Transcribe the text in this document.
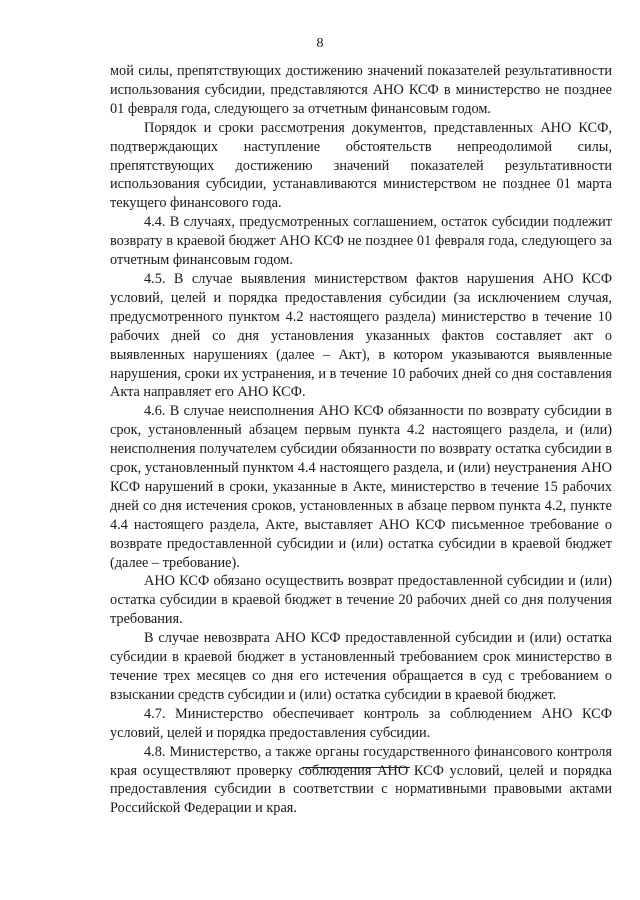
8

мой силы, препятствующих достижению значений показателей результативности использования субсидии, представляются АНО КСФ в министерство не позднее 01 февраля года, следующего за отчетным финансовым годом.

Порядок и сроки рассмотрения документов, представленных АНО КСФ, подтверждающих наступление обстоятельств непреодолимой силы, препятствующих достижению значений показателей результативности использования субсидии, устанавливаются министерством не позднее 01 марта текущего финансового года.

4.4. В случаях, предусмотренных соглашением, остаток субсидии подлежит возврату в краевой бюджет АНО КСФ не позднее 01 февраля года, следующего за отчетным финансовым годом.

4.5. В случае выявления министерством фактов нарушения АНО КСФ условий, целей и порядка предоставления субсидии (за исключением случая, предусмотренного пунктом 4.2 настоящего раздела) министерство в течение 10 рабочих дней со дня установления указанных фактов составляет акт о выявленных нарушениях (далее – Акт), в котором указываются выявленные нарушения, сроки их устранения, и в течение 10 рабочих дней со дня составления Акта направляет его АНО КСФ.

4.6. В случае неисполнения АНО КСФ обязанности по возврату субсидии в срок, установленный абзацем первым пункта 4.2 настоящего раздела, и (или) неисполнения получателем субсидии обязанности по возврату остатка субсидии в срок, установленный пунктом 4.4 настоящего раздела, и (или) неустранения АНО КСФ нарушений в сроки, указанные в Акте, министерство в течение 15 рабочих дней со дня истечения сроков, установленных в абзаце первом пункта 4.2, пункте 4.4 настоящего раздела, Акте, выставляет АНО КСФ письменное требование о возврате предоставленной субсидии и (или) остатка субсидии в краевой бюджет (далее – требование).

АНО КСФ обязано осуществить возврат предоставленной субсидии и (или) остатка субсидии в краевой бюджет в течение 20 рабочих дней со дня получения требования.

В случае невозврата АНО КСФ предоставленной субсидии и (или) остатка субсидии в краевой бюджет в установленный требованием срок министерство в течение трех месяцев со дня его истечения обращается в суд с требованием о взыскании средств субсидии и (или) остатка субсидии в краевой бюджет.

4.7. Министерство обеспечивает контроль за соблюдением АНО КСФ условий, целей и порядка предоставления субсидии.

4.8. Министерство, а также органы государственного финансового контроля края осуществляют проверку соблюдения АНО КСФ условий, целей и порядка предоставления субсидии в соответствии с нормативными правовыми актами Российской Федерации и края.
